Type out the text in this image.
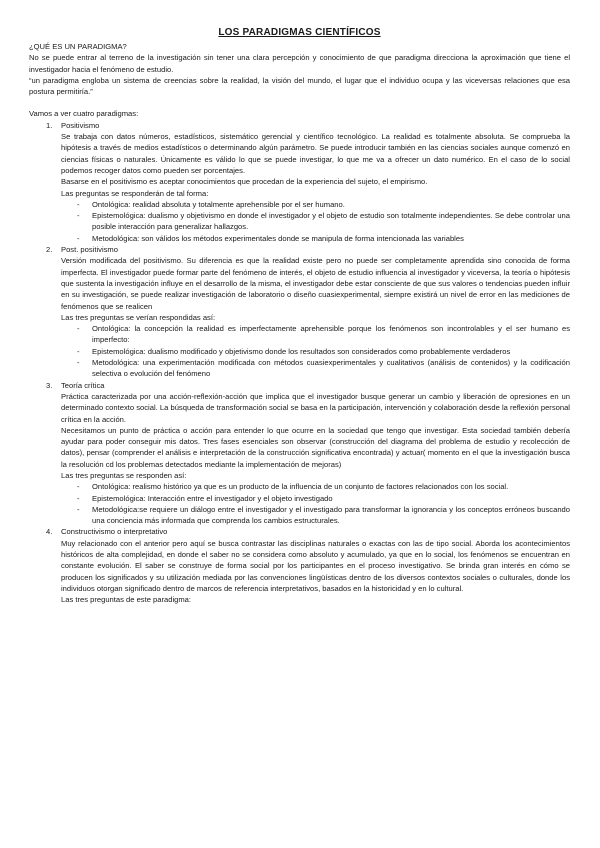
LOS PARADIGMAS CIENTÍFICOS

¿QUÉ ES UN PARADIGMA?

No se puede entrar al terreno de la investigación sin tener una clara percepción y conocimiento de que paradigma direcciona la aproximación que tiene el investigador hacia el fenómeno de estudio.

“un paradigma engloba un sistema de creencias sobre la realidad, la visión del mundo, el lugar que el individuo ocupa y las viceversas relaciones que esa postura permitiría.”

Vamos a ver cuatro paradigmas:

1. Positivismo

Se trabaja con datos números, estadísticos, sistemático gerencial y científico tecnológico. La realidad es totalmente absoluta. Se comprueba la hipótesis a través de medios estadísticos o determinando algún parámetro. Se puede introducir también en las ciencias sociales aunque comenzó en ciencias físicas o naturales. Únicamente es válido lo que se puede investigar, lo que me va a ofrecer un dato numérico. En el caso de lo social podemos recoger datos como pueden ser porcentajes.

Basarse en el positivismo es aceptar conocimientos que procedan de la experiencia del sujeto, el empirismo.

Las preguntas se responderán de tal forma:

- Ontológica: realidad absoluta y totalmente aprehensible por el ser humano.
- Epistemológica: dualismo y objetivismo en donde el investigador y el objeto de estudio son totalmente independientes. Se debe controlar una posible interacción para generalizar hallazgos.
- Metodológica: son válidos los métodos experimentales donde se manipula de forma intencionada las variables
2. Post. positivismo

Versión modificada del positivismo. Su diferencia es que la realidad existe pero no puede ser completamente aprendida sino conocida de forma imperfecta. El investigador puede formar parte del fenómeno de interés, el objeto de estudio influencia al investigador y viceversa, la teoría o hipótesis que sustenta la investigación influye en el desarrollo de la misma, el investigador debe estar consciente de que sus valores o tendencias pueden influir en su investigación, se puede realizar investigación de laboratorio o diseño cuasiexperimental, siempre existirá un nivel de error en las mediciones de fenómenos que se realicen

Las tres preguntas se verían respondidas así:

- Ontológica: la concepción la realidad es imperfectamente aprehensible porque los fenómenos son incontrolables y el ser humano es imperfecto:
- Epistemológica: dualismo modificado y objetivismo donde los resultados son considerados como probablemente verdaderos
- Metodológica: una experimentación modificada con métodos cuasiexperimentales y cualitativos (análisis de contenidos) y la codificación selectiva o evolución del fenómeno
3. Teoría crítica

Práctica caracterizada por una acción-reflexión-acción que implica que el investigador busque generar un cambio y liberación de opresiones en un determinado contexto social. La búsqueda de transformación social se basa en la participación, intervención y colaboración desde la reflexión personal crítica en la acción.

Necesitamos un punto de práctica o acción para entender lo que ocurre en la sociedad que tengo que investigar. Esta sociedad también debería ayudar para poder conseguir mis datos. Tres fases esenciales son observar (construcción del diagrama del problema de estudio y recolección de datos), pensar (comprender el análisis e interpretación de la construcción significativa encontrada) y actuar( momento en el que la investigación busca la resolución cd los problemas detectados mediante la implementación de mejoras)

Las tres preguntas se responden así:

- Ontológica: realismo histórico ya que es un producto de la influencia de un conjunto de factores relacionados con los social.
- Epistemológica: Interacción entre el investigador y el objeto investigado
- Metodológica:se requiere un diálogo entre el investigador y el investigado para transformar la ignorancia y los conceptos erróneos buscando una conciencia más informada que comprenda los cambios estructurales.
4. Constructivismo o interpretativo

Muy relacionado con el anterior pero aquí se busca contrastar las disciplinas naturales o exactas con las de tipo social. Aborda los acontecimientos históricos de alta complejidad, en donde el saber no se considera como absoluto y acumulado, ya que en lo social, los fenómenos se encuentran en constante evolución. El saber se construye de forma social por los participantes en el proceso investigativo. Se brinda gran interés en cómo se producen los significados y su utilización mediada por las convenciones lingüísticas dentro de los diversos contextos sociales o culturales, donde los individuos otorgan significado dentro de marcos de referencia interpretativos, basados en la historicidad y en lo cultural.

Las tres preguntas de este paradigma:
